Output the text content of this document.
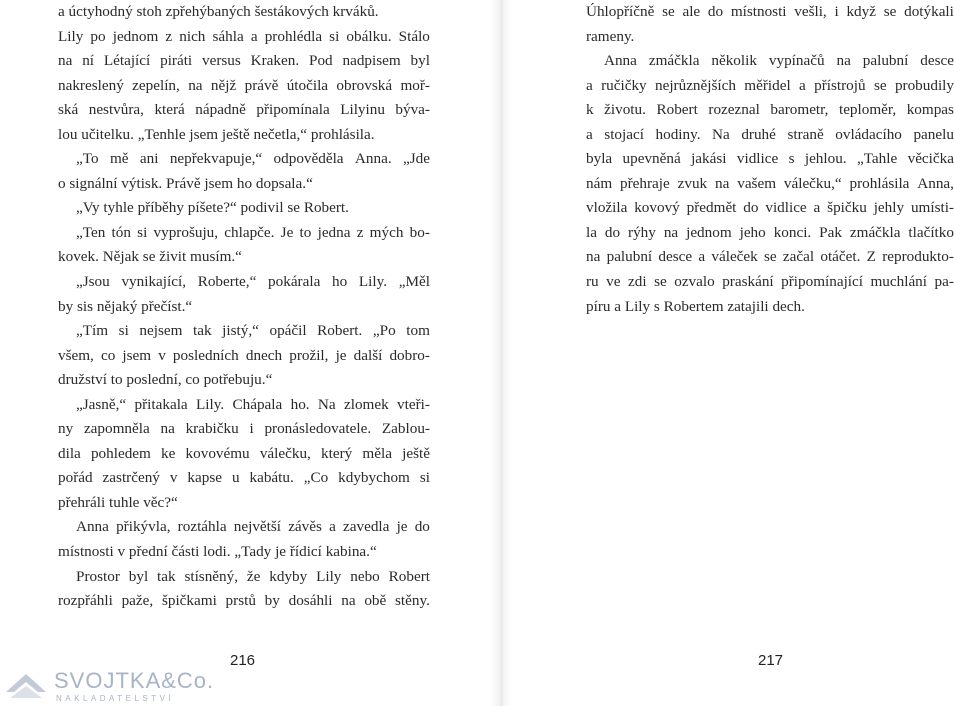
a úctyhodný stoh zpřehýbaných šestákových krváků.
Lily po jednom z nich sáhla a prohlédla si obálku. Stálo
na ní Létající piráti versus Kraken. Pod nadpisem byl
nakreslený zepelín, na nějž právě útočila obrovská moř-
ská nestvůra, která nápadně připomínala Lilyinu býva-
lou učitelku. „Tenhle jsem ještě nečetla,“ prohlásila.
„To mě ani nepřekvapuje,“ odpověděla Anna. „Jde
o signální výtisk. Právě jsem ho dopsala.“
„Vy tyhle příběhy píšete?“ podivil se Robert.
„Ten tón si vyprošuju, chlapče. Je to jedna z mých bo-
kovek. Nějak se živit musím.“
„Jsou vynikající, Roberte,“ pokárala ho Lily. „Měl
by sis nějaký přečíst.“
„Tím si nejsem tak jistý,“ opáčil Robert. „Po tom
všem, co jsem v posledních dnech prožil, je další dobro-
družství to poslední, co potřebuju.“
„Jasně,“ přitakala Lily. Chápala ho. Na zlomek vteři-
ny zapomněla na krabičku i pronásledovatele. Zablou-
dila pohledem ke kovovému válečku, který měla ještě
pořád zastrčený v kapse u kabátu. „Co kdybychom si
přehráli tuhle věc?“
Anna přikývla, roztáhla největší závěs a zavedla je do
místnosti v přední části lodi. „Tady je řídicí kabina.“
Prostor byl tak stísněný, že kdyby Lily nebo Robert
rozpřáhli paže, špičkami prstů by dosáhli na obě stěny.
Úhlopříčně se ale do místnosti vešli, i když se dotýkali
rameny.
Anna zmáčkla několik vypínačů na palubní desce
a ručičky nejrůznějších měřidel a přístrojů se probudily
k životu. Robert rozeznal barometr, teploměr, kompas
a stojací hodiny. Na druhé straně ovládacího panelu
byla upevněná jakási vidlice s jehlou. „Tahle věcička
nám přehraje zvuk na vašem válečku,“ prohlásila Anna,
vložila kovový předmět do vidlice a špičku jehly umísti-
la do rýhy na jednom jeho konci. Pak zmáčkla tlačítko
na palubní desce a váleček se začal otáčet. Z reprodukto-
ru ve zdi se ozvalo praskání připomínající muchlání pa-
píru a Lily s Robertem zatajili dech.
216	217
SVOJTKA&Co.
NAKLADATELSTVÍ
